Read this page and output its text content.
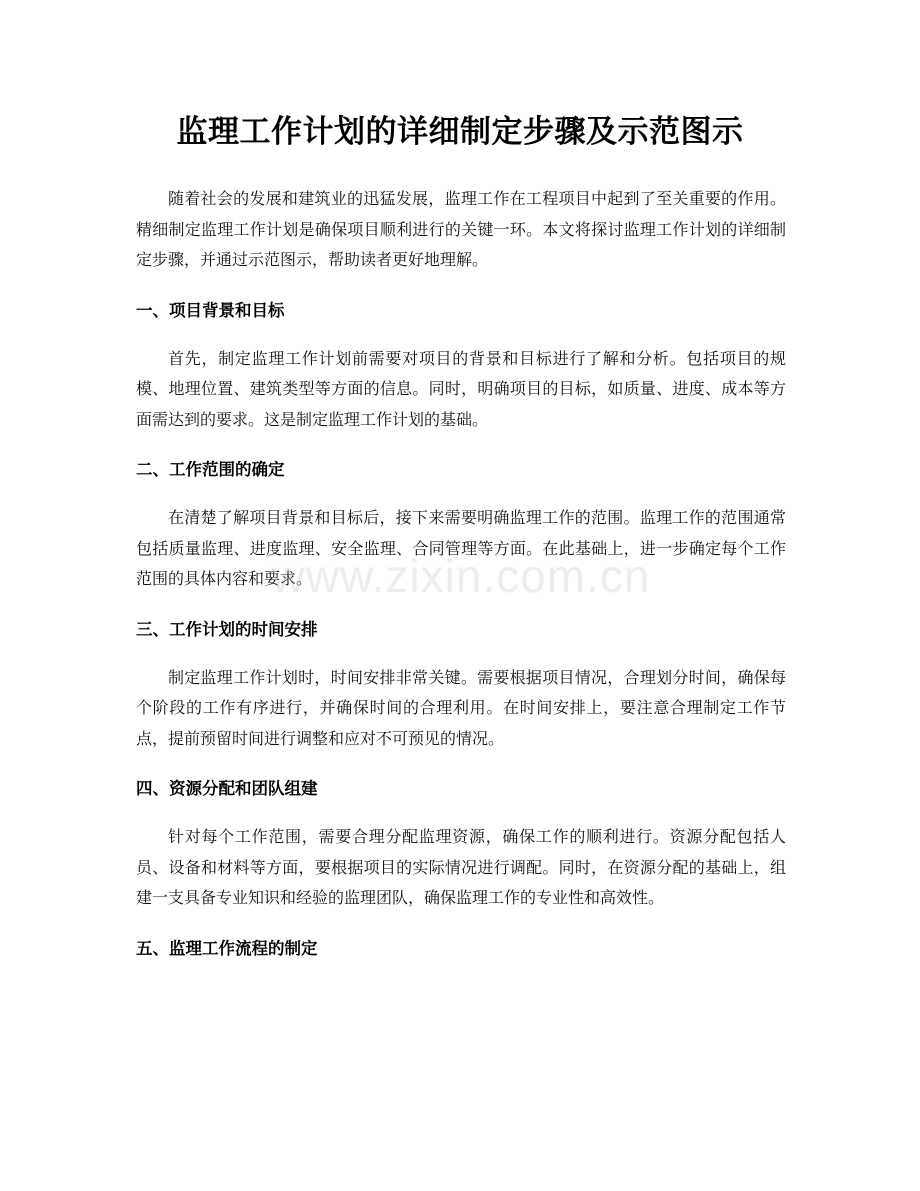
监理工作计划的详细制定步骤及示范图示

随着社会的发展和建筑业的迅猛发展，监理工作在工程项目中起到了至关重要的作用。精细制定监理工作计划是确保项目顺利进行的关键一环。本文将探讨监理工作计划的详细制定步骤，并通过示范图示，帮助读者更好地理解。

一、项目背景和目标

首先，制定监理工作计划前需要对项目的背景和目标进行了解和分析。包括项目的规模、地理位置、建筑类型等方面的信息。同时，明确项目的目标，如质量、进度、成本等方面需达到的要求。这是制定监理工作计划的基础。

二、工作范围的确定

在清楚了解项目背景和目标后，接下来需要明确监理工作的范围。监理工作的范围通常包括质量监理、进度监理、安全监理、合同管理等方面。在此基础上，进一步确定每个工作范围的具体内容和要求。

三、工作计划的时间安排

制定监理工作计划时，时间安排非常关键。需要根据项目情况，合理划分时间，确保每个阶段的工作有序进行，并确保时间的合理利用。在时间安排上，要注意合理制定工作节点，提前预留时间进行调整和应对不可预见的情况。

四、资源分配和团队组建

针对每个工作范围，需要合理分配监理资源，确保工作的顺利进行。资源分配包括人员、设备和材料等方面，要根据项目的实际情况进行调配。同时，在资源分配的基础上，组建一支具备专业知识和经验的监理团队，确保监理工作的专业性和高效性。

五、监理工作流程的制定
www.zixin.com.cn
